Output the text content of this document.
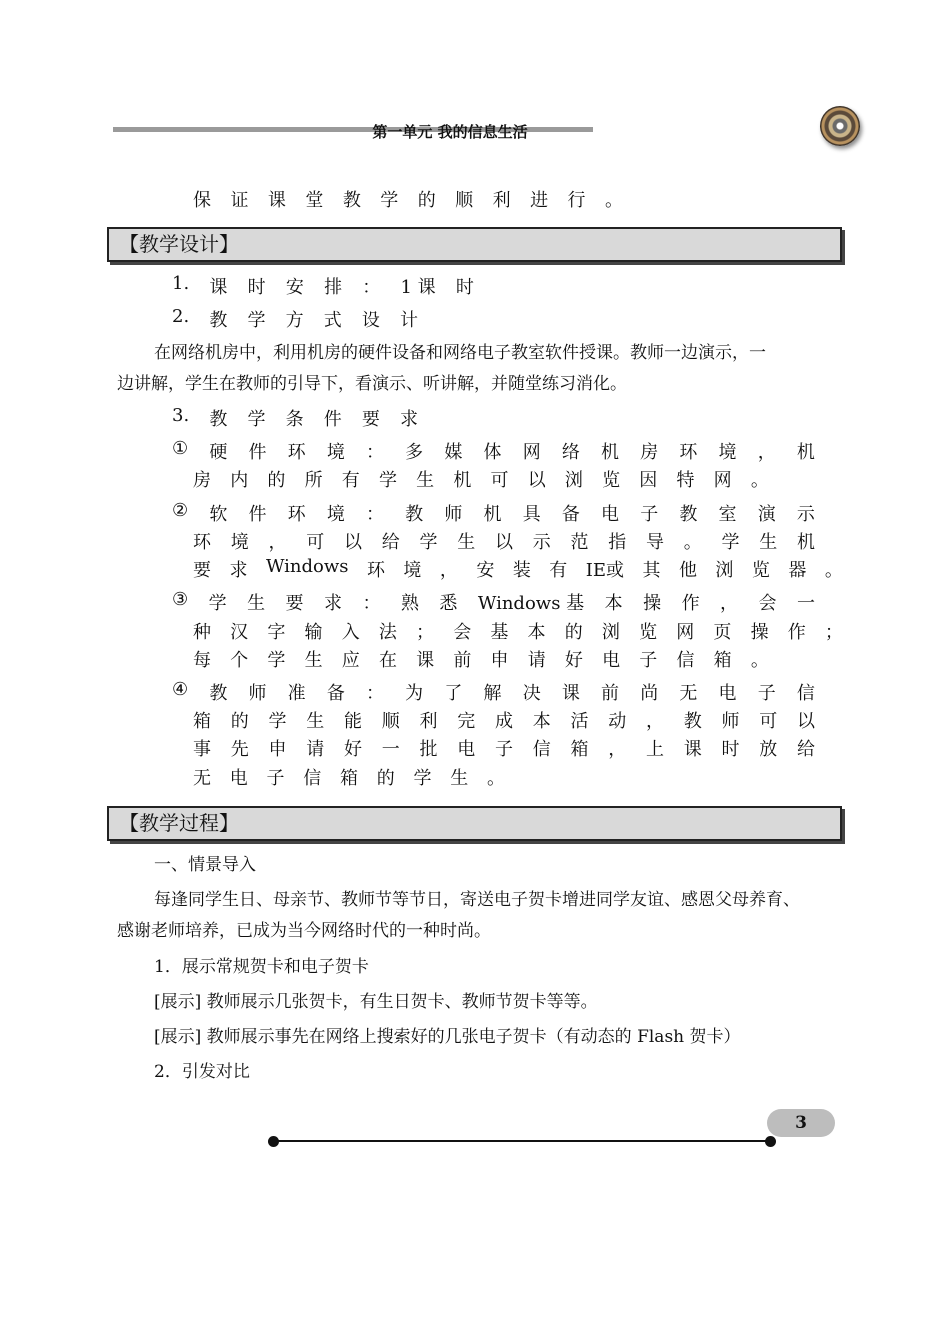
第一单元 我的信息生活
保 证 课 堂 教 学 的 顺 利 进 行 。
【教学设计】
1. 课 时 安 排 ： 1 课 时
2. 教 学 方 式 设 计
在网络机房中，利用机房的硬件设备和网络电子教室软件授课。教师一边演示，一
边讲解，学生在教师的引导下，看演示、听讲解，并随堂练习消化。
3. 教 学 条 件 要 求
① 硬 件 环 境 ： 多 媒 体 网 络 机 房 环 境 ， 机
房 内 的 所 有 学 生 机 可 以 浏 览 因 特 网 。
② 软 件 环 境 ： 教 师 机 具 备 电 子 教 室 演 示
环 境 ， 可 以 给 学 生 以 示 范 指 导 。 学 生 机
要 求 Windows 环 境 ， 安 装 有 IE或 其 他 浏 览 器 。
③ 学 生 要 求 ： 熟 悉 Windows 基 本 操 作 ， 会 一
种 汉 字 输 入 法 ； 会 基 本 的 浏 览 网 页 操 作 ；
每 个 学 生 应 在 课 前 申 请 好 电 子 信 箱 。
④ 教 师 准 备 ： 为 了 解 决 课 前 尚 无 电 子 信
箱 的 学 生 能 顺 利 完 成 本 活 动 ， 教 师 可 以
事 先 申 请 好 一 批 电 子 信 箱 ， 上 课 时 放 给
无 电 子 信 箱 的 学 生 。
【教学过程】
一、情景导入
每逢同学生日、母亲节、教师节等节日，寄送电子贺卡增进同学友谊、感恩父母养育、
感谢老师培养，已成为当今网络时代的一种时尚。
1．展示常规贺卡和电子贺卡
[展示] 教师展示几张贺卡，有生日贺卡、教师节贺卡等等。
[展示] 教师展示事先在网络上搜索好的几张电子贺卡（有动态的 Flash 贺卡）
2．引发对比
3
